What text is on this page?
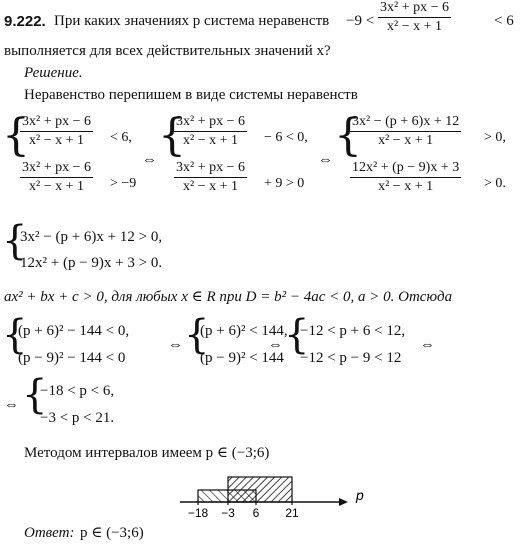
9.222. При каких значениях p система неравенств $-9 < \frac{\text{3x² + px − 6}}{\text{x² − x + 1}}$	< 6
выполняется для всех действительных значений x?
Решение.
Неравенство перепишем в виде системы неравенств
{
$\frac{\text{3x² + px − 6}}{\text{x² − x + 1}} < 6$,
$\frac{\text{3x² + px − 6}}{\text{x² − x + 1}} > -9$
⇔ {
$\frac{\text{3x² + px − 6}}{\text{x² − x + 1}} - 6 < 0$,
$\frac{\text{3x² + px − 6}}{\text{x² − x + 1}} + 9 > 0$
⇔ {
$\frac{\text{3x² − (p + 6)x + 12}}{\text{x² − x + 1}} > 0$,
$\frac{\text{12x² + (p − 9)x + 3}}{\text{x² − x + 1}} > 0$.
{
3x² − (p + 6)x + 12 > 0,
12x² + (p − 9)x + 3 > 0.
ax² + bx + c > 0, для любых x ∈ R при D = b² − 4ac < 0, a > 0. Отсюда
{
(p + 6)² − 144 < 0,
(p − 9)² − 144 < 0
⇔ {
(p + 6)² < 144,
(p − 9)² < 144
⇔ {
−12 < p + 6 < 12,
−12 < p − 9 < 12
⇔
⇔ {
−18 < p < 6,
−3 < p < 21.
Методом интервалов имеем p ∈ (−3;6)
p
−18 −3 6 21
Ответ: p ∈ (−3;6)
